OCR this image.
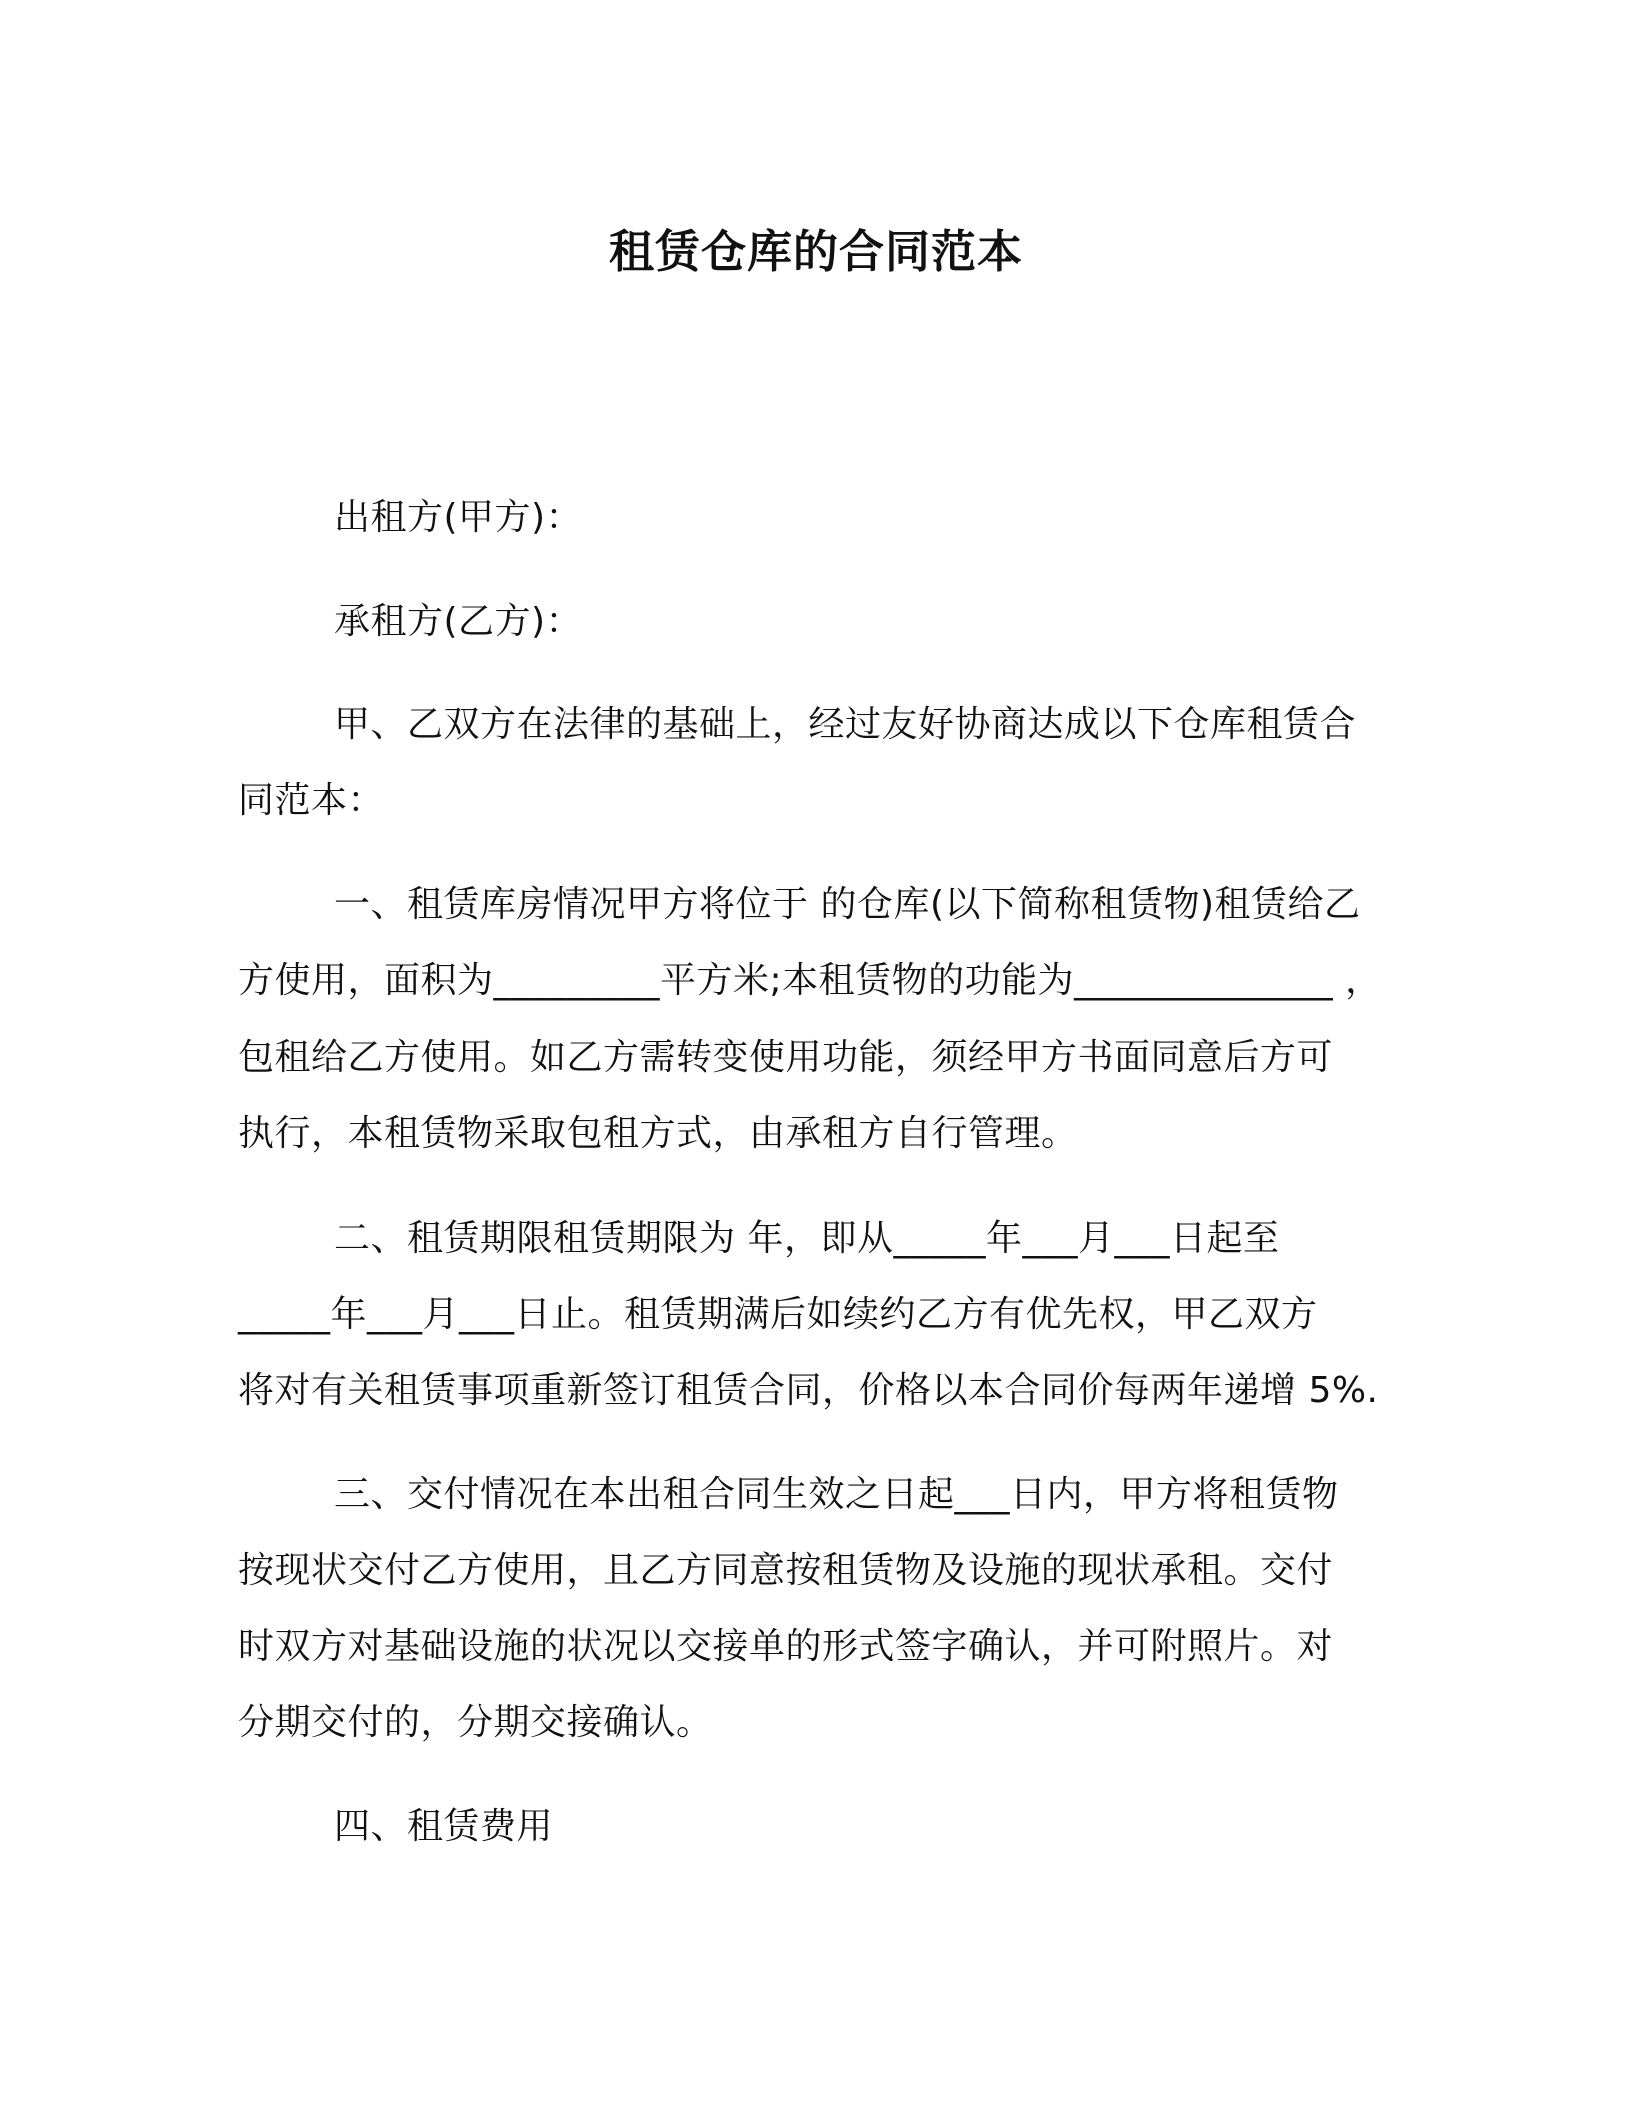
租赁仓库的合同范本
出租方(甲方)：
承租方(乙方)：
甲、乙双方在法律的基础上，经过友好协商达成以下仓库租赁合
同范本：
一、租赁库房情况甲方将位于 的仓库(以下简称租赁物)租赁给乙
方使用，面积为_________平方米;本租赁物的功能为______________ ，
包租给乙方使用。如乙方需转变使用功能，须经甲方书面同意后方可
执行，本租赁物采取包租方式，由承租方自行管理。
二、租赁期限租赁期限为 年，即从_____年___月___日起至
_____年___月___日止。租赁期满后如续约乙方有优先权，甲乙双方
将对有关租赁事项重新签订租赁合同，价格以本合同价每两年递增 5%.
三、交付情况在本出租合同生效之日起___日内，甲方将租赁物
按现状交付乙方使用，且乙方同意按租赁物及设施的现状承租。交付
时双方对基础设施的状况以交接单的形式签字确认，并可附照片。对
分期交付的，分期交接确认。
四、租赁费用
